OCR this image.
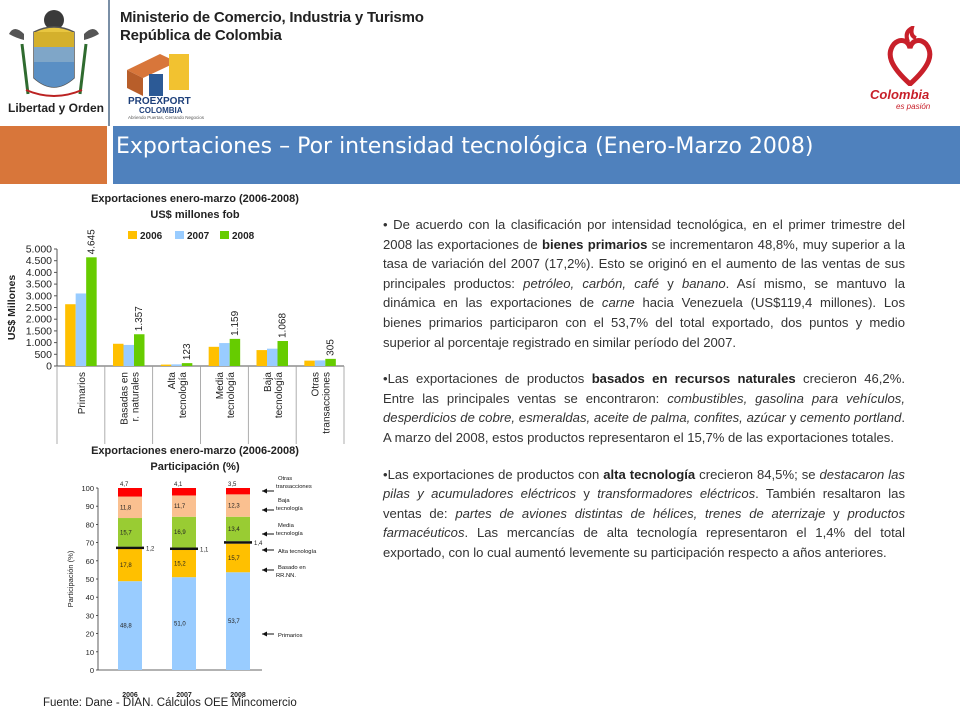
Libertad y Orden
Ministerio de Comercio, Industria y Turismo
República de Colombia
PROEXPORT
COLOMBIA
Abriendo Puertas, Cerrando Negocios
Colombia
es pasión
Exportaciones – Por intensidad tecnológica (Enero-Marzo 2008)
Exportaciones enero-marzo (2006-2008)
US$ millones fob
2006 2007 2008
0
500
1.000
1.500
2.000
2.500
3.000
3.500
4.000
4.500
5.000
US$ Millones
4.645
Primarios
1.357
Basadas en r. naturales
123
Alta tecnología
1.159
Media tecnología
1.068
Baja tecnología
305
Otras transacciones
Exportaciones enero-marzo (2006-2008)
Participación (%)
0
10
20
30
40
50
60
70
80
90
100
Participación (%)
48,8
17,8
1,2
15,7
11,8
4,7
2006
51,0
15,2
1,1
16,9
11,7
4,1
2007
53,7
15,7
1,4
13,4
12,3
3,5
2008
Otras
transacciones
Baja
tecnología
Media
tecnología
Alta tecnología
Basado en
RR.NN.
Primarios

• De acuerdo con la clasificación por intensidad tecnológica, en el primer trimestre del 2008 las exportaciones de bienes primarios se incrementaron 48,8%, muy superior a la tasa de variación del 2007 (17,2%). Esto se originó en el aumento de las ventas de sus principales productos: petróleo, carbón, café y banano. Así mismo, se mantuvo la dinámica en las exportaciones de carne hacia Venezuela (US$119,4 millones). Los bienes primarios participaron con el 53,7% del total exportado, dos puntos y medio superior al porcentaje registrado en similar período del 2007.

•Las exportaciones de productos basados en recursos naturales crecieron 46,2%. Entre las principales ventas se encontraron: combustibles, gasolina para vehículos, desperdicios de cobre, esmeraldas, aceite de palma, confites, azúcar y cemento portland. A marzo del 2008, estos productos representaron el 15,7% de las exportaciones totales.

•Las exportaciones de productos con alta tecnología crecieron 84,5%; se destacaron las pilas y acumuladores eléctricos y transformadores eléctricos. También resaltaron las ventas de: partes de aviones distintas de hélices, trenes de aterrizaje y productos farmacéuticos. Las mercancías de alta tecnología representaron el 1,4% del total exportado, con lo cual aumentó levemente su participación respecto a años anteriores.

Fuente: Dane - DIAN. Cálculos OEE Mincomercio
